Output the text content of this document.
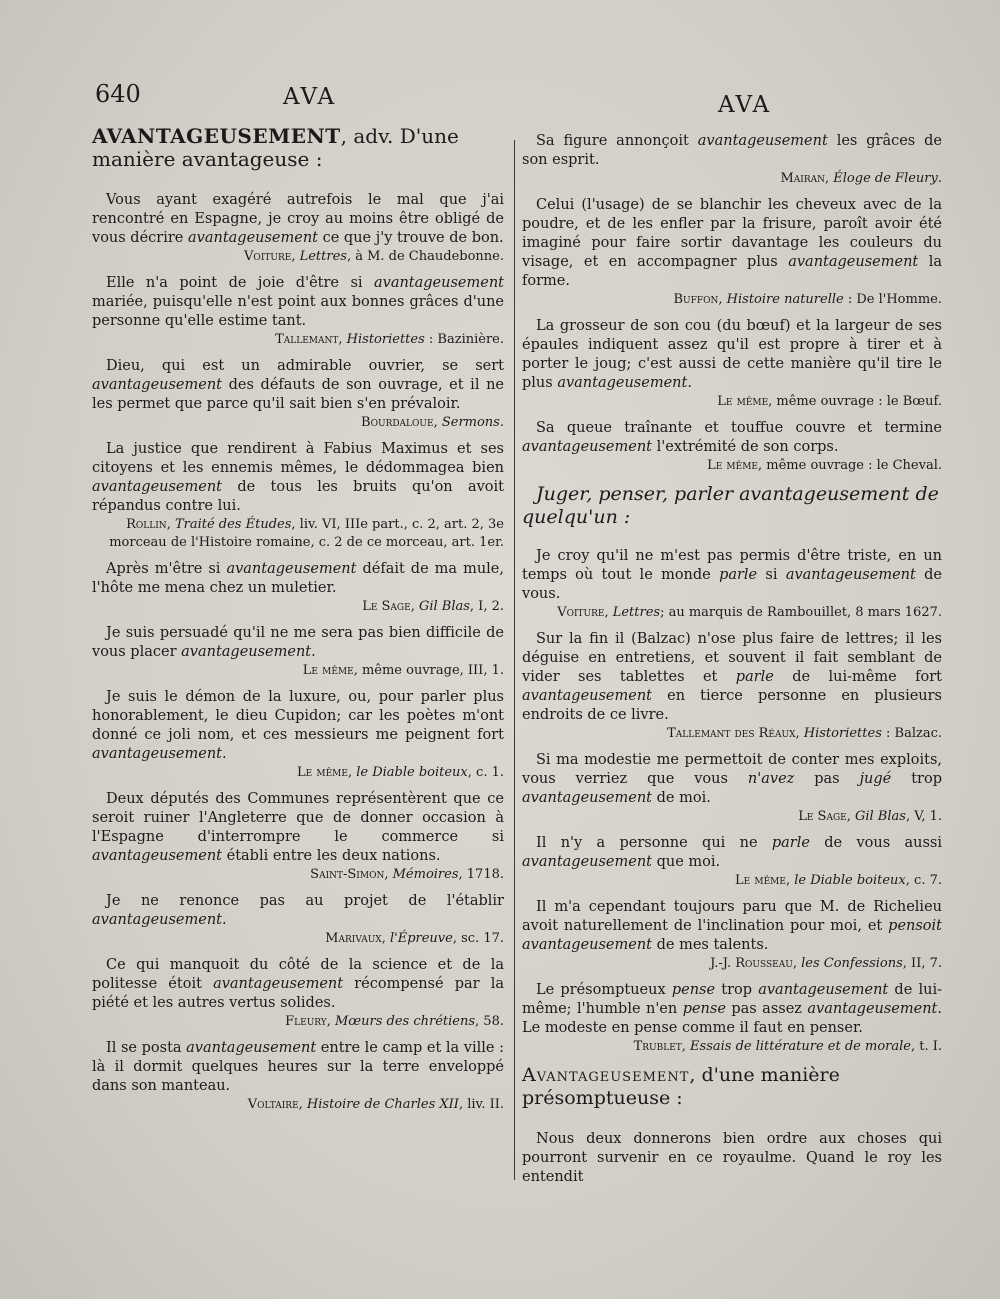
640	AVA	AVA
AVANTAGEUSEMENT, adv. D'une manière avantageuse :

Vous ayant exagéré autrefois le mal que j'ai rencontré en Espagne, je croy au moins être obligé de vous décrire avantageusement ce que j'y trouve de bon.

Voiture, Lettres, à M. de Chaudebonne.

Elle n'a point de joie d'être si avantageusement mariée, puisqu'elle n'est point aux bonnes grâces d'une personne qu'elle estime tant.

Tallemant, Historiettes : Bazinière.

Dieu, qui est un admirable ouvrier, se sert avantageusement des défauts de son ouvrage, et il ne les permet que parce qu'il sait bien s'en prévaloir.

Bourdaloue, Sermons.

La justice que rendirent à Fabius Maximus et ses citoyens et les ennemis mêmes, le dédommagea bien avantageusement de tous les bruits qu'on avoit répandus contre lui.

Rollin, Traité des Études, liv. VI, IIIe part., c. 2, art. 2, 3e morceau de l'Histoire romaine, c. 2 de ce morceau, art. 1er.

Après m'être si avantageusement défait de ma mule, l'hôte me mena chez un muletier.

Le Sage, Gil Blas, I, 2.

Je suis persuadé qu'il ne me sera pas bien difficile de vous placer avantageusement.

Le même, même ouvrage, III, 1.

Je suis le démon de la luxure, ou, pour parler plus honorablement, le dieu Cupidon; car les poètes m'ont donné ce joli nom, et ces messieurs me peignent fort avantageusement.

Le même, le Diable boiteux, c. 1.

Deux députés des Communes représentèrent que ce seroit ruiner l'Angleterre que de donner occasion à l'Espagne d'interrompre le commerce si avantageusement établi entre les deux nations.

Saint-Simon, Mémoires, 1718.

Je ne renonce pas au projet de l'établir avantageusement.

Marivaux, l'Épreuve, sc. 17.

Ce qui manquoit du côté de la science et de la politesse étoit avantageusement récompensé par la piété et les autres vertus solides.

Fleury, Mœurs des chrétiens, 58.

Il se posta avantageusement entre le camp et la ville : là il dormit quelques heures sur la terre enveloppé dans son manteau.

Voltaire, Histoire de Charles XII, liv. II.

Sa figure annonçoit avantageusement les grâces de son esprit.

Mairan, Éloge de Fleury.

Celui (l'usage) de se blanchir les cheveux avec de la poudre, et de les enfler par la frisure, paroît avoir été imaginé pour faire sortir davantage les couleurs du visage, et en accompagner plus avantageusement la forme.

Buffon, Histoire naturelle : De l'Homme.

La grosseur de son cou (du bœuf) et la largeur de ses épaules indiquent assez qu'il est propre à tirer et à porter le joug; c'est aussi de cette manière qu'il tire le plus avantageusement.

Le même, même ouvrage : le Bœuf.

Sa queue traînante et touffue couvre et termine avantageusement l'extrémité de son corps.

Le même, même ouvrage : le Cheval.

Juger, penser, parler avantageusement de quelqu'un :

Je croy qu'il ne m'est pas permis d'être triste, en un temps où tout le monde parle si avantageusement de vous.

Voiture, Lettres; au marquis de Rambouillet, 8 mars 1627.

Sur la fin il (Balzac) n'ose plus faire de lettres; il les déguise en entretiens, et souvent il fait semblant de vider ses tablettes et parle de lui-même fort avantageusement en tierce personne en plusieurs endroits de ce livre.

Tallemant des Réaux, Historiettes : Balzac.

Si ma modestie me permettoit de conter mes exploits, vous verriez que vous n'avez pas jugé trop avantageusement de moi.

Le Sage, Gil Blas, V, 1.

Il n'y a personne qui ne parle de vous aussi avantageusement que moi.

Le même, le Diable boiteux, c. 7.

Il m'a cependant toujours paru que M. de Richelieu avoit naturellement de l'inclination pour moi, et pensoit avantageusement de mes talents.

J.-J. Rousseau, les Confessions, II, 7.

Le présomptueux pense trop avantageusement de lui-même; l'humble n'en pense pas assez avantageusement. Le modeste en pense comme il faut en penser.

Trublet, Essais de littérature et de morale, t. I.

Avantageusement, d'une manière présomptueuse :

Nous deux donnerons bien ordre aux choses qui pourront survenir en ce royaulme. Quand le roy les entendit
